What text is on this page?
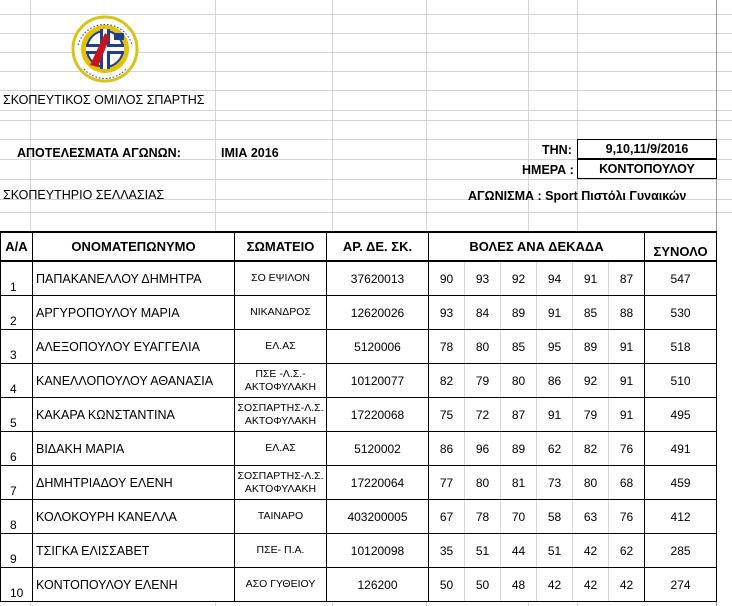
ΣΚΟΠΕΥΤΙΚΟΣ ΟΜΙΛΟΣ ΣΠΑΡΤΗΣ
ΑΠΟΤΕΛΕΣΜΑΤΑ ΑΓΩΝΩΝ:	ΙΜΙΑ 2016	ΤΗΝ:	9,10,11/9/2016
ΗΜΕΡΑ :	ΚΟΝΤΟΠΟΥΛΟΥ
ΣΚΟΠΕΥΤΗΡΙΟ ΣΕΛΛΑΣΙΑΣ	ΑΓΩΝΙΣΜΑ : Sport Πιστόλι Γυναικών
Α/Α	ΟΝΟΜΑΤΕΠΩΝΥΜΟ	ΣΩΜΑΤΕΙΟ	ΑΡ. ΔΕ. ΣΚ.	ΒΟΛΕΣ ΑΝΑ ΔΕΚΑΔΑ						ΣΥΝΟΛΟ
1	ΠΑΠΑΚΑΝΕΛΛΟΥ ΔΗΜΗΤΡΑ	ΣΟ ΕΨΙΛΟΝ	37620013	90	93	92	94	91	87	547
2	ΑΡΓΥΡΟΠΟΥΛΟΥ ΜΑΡΙΑ	ΝΙΚΑΝΔΡΟΣ	12620026	93	84	89	91	85	88	530
3	ΑΛΕΞΟΠΟΥΛΟΥ ΕΥΑΓΓΕΛΙΑ	ΕΛ.ΑΣ	5120006	78	80	85	95	89	91	518
4	ΚΑΝΕΛΛΟΠΟΥΛΟΥ ΑΘΑΝΑΣΙΑ	ΠΣΕ -Λ.Σ.- ΑΚΤΟΦΥΛΑΚΗ	10120077	82	79	80	86	92	91	510
5	ΚΑΚΑΡΑ ΚΩΝΣΤΑΝΤΙΝΑ	ΣΟΣΠΑΡΤΗΣ-Λ.Σ. ΑΚΤΟΦΥΛΑΚΗ	17220068	75	72	87	91	79	91	495
6	ΒΙΔΑΚΗ ΜΑΡΙΑ	ΕΛ.ΑΣ	5120002	86	96	89	62	82	76	491
7	ΔΗΜΗΤΡΙΑΔΟΥ ΕΛΕΝΗ	ΣΟΣΠΑΡΤΗΣ-Λ.Σ. ΑΚΤΟΦΥΛΑΚΗ	17220064	77	80	81	73	80	68	459
8	ΚΟΛΟΚΟΥΡΗ ΚΑΝΕΛΛΑ	ΤΑΙΝΑΡΟ	403200005	67	78	70	58	63	76	412
9	ΤΣΙΓΚΑ ΕΛΙΣΣΑΒΕΤ	ΠΣΕ- Π.Α.	10120098	35	51	44	51	42	62	285
10	ΚΟΝΤΟΠΟΥΛΟΥ ΕΛΕΝΗ	ΑΣΟ ΓΥΘΕΙΟΥ	126200	50	50	48	42	42	42	274
